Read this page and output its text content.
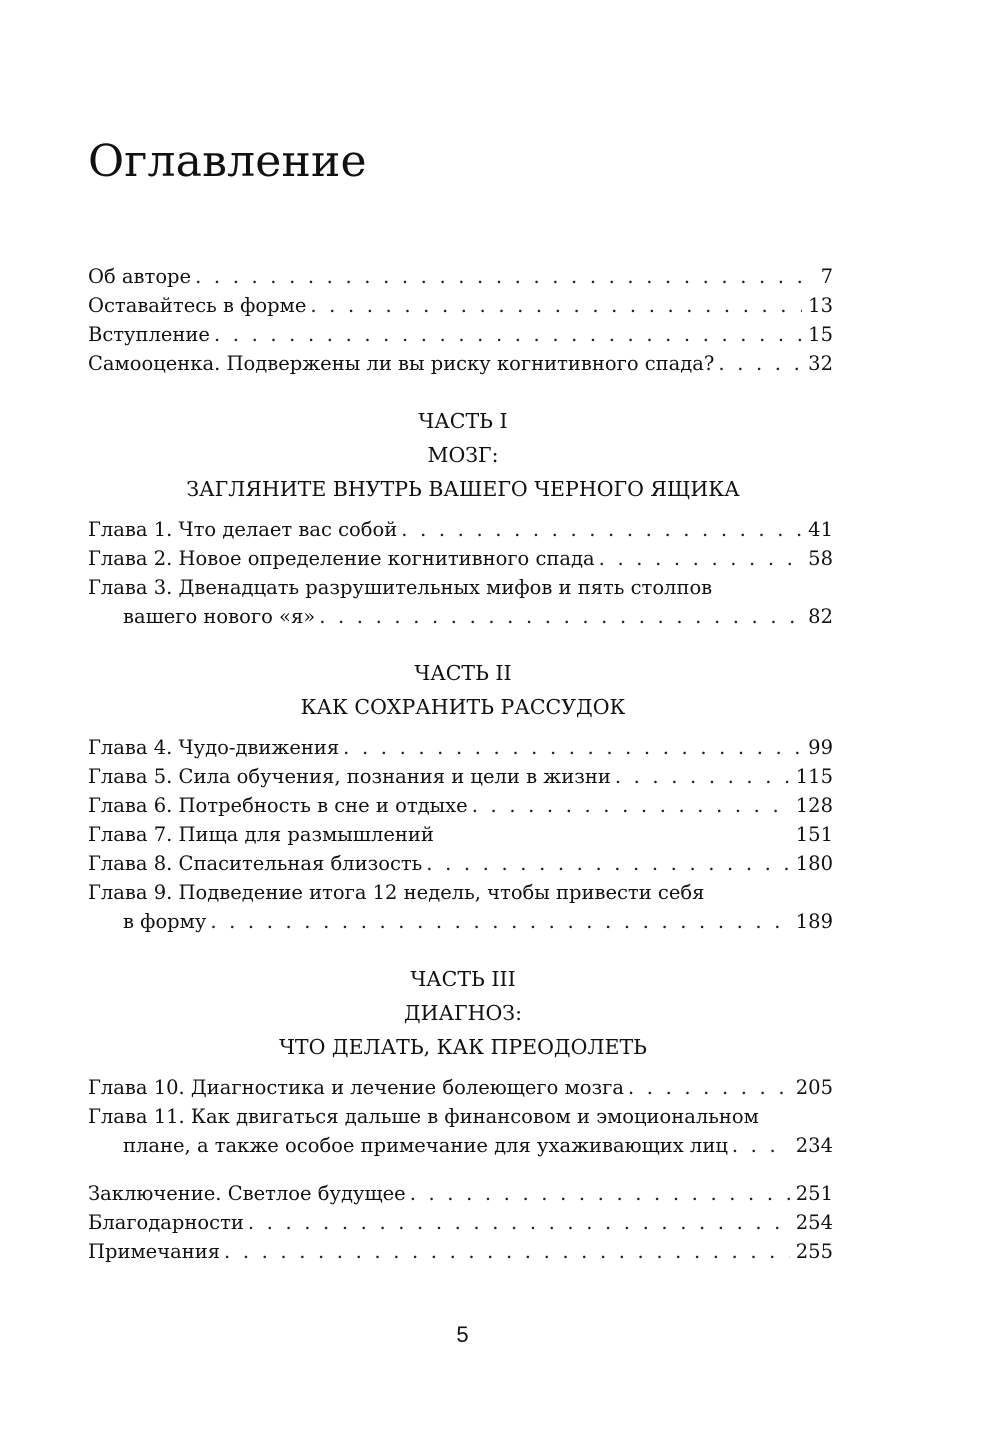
Оглавление
Об авторе . . .	7
Оставайтесь в форме . . .	13
Вступление . . .	15
Самооценка. Подвержены ли вы риску когнитивного спада? . . .	32
ЧАСТЬ I
МОЗГ:
ЗАГЛЯНИТЕ ВНУТРЬ ВАШЕГО ЧЕРНОГО ЯЩИКА
Глава 1. Что делает вас собой . . .	41
Глава 2. Новое определение когнитивного спада . . .	58
Глава 3. Двенадцать разрушительных мифов и пять столпов
вашего нового «я» . . .	82
ЧАСТЬ II
КАК СОХРАНИТЬ РАССУДОК
Глава 4. Чудо-движения . . .	99
Глава 5. Сила обучения, познания и цели в жизни . . .	115
Глава 6. Потребность в сне и отдыхе . . .	128
Глава 7. Пища для размышлений	151
Глава 8. Спасительная близость . . .	180
Глава 9. Подведение итога 12 недель, чтобы привести себя
в форму . . .	189
ЧАСТЬ III
ДИАГНОЗ:
ЧТО ДЕЛАТЬ, КАК ПРЕОДОЛЕТЬ
Глава 10. Диагностика и лечение болеющего мозга . . .	205
Глава 11. Как двигаться дальше в финансовом и эмоциональном
плане, а также особое примечание для ухаживающих лиц . . .	234
Заключение. Светлое будущее . . .	251
Благодарности . . .	254
Примечания . . .	255
5
